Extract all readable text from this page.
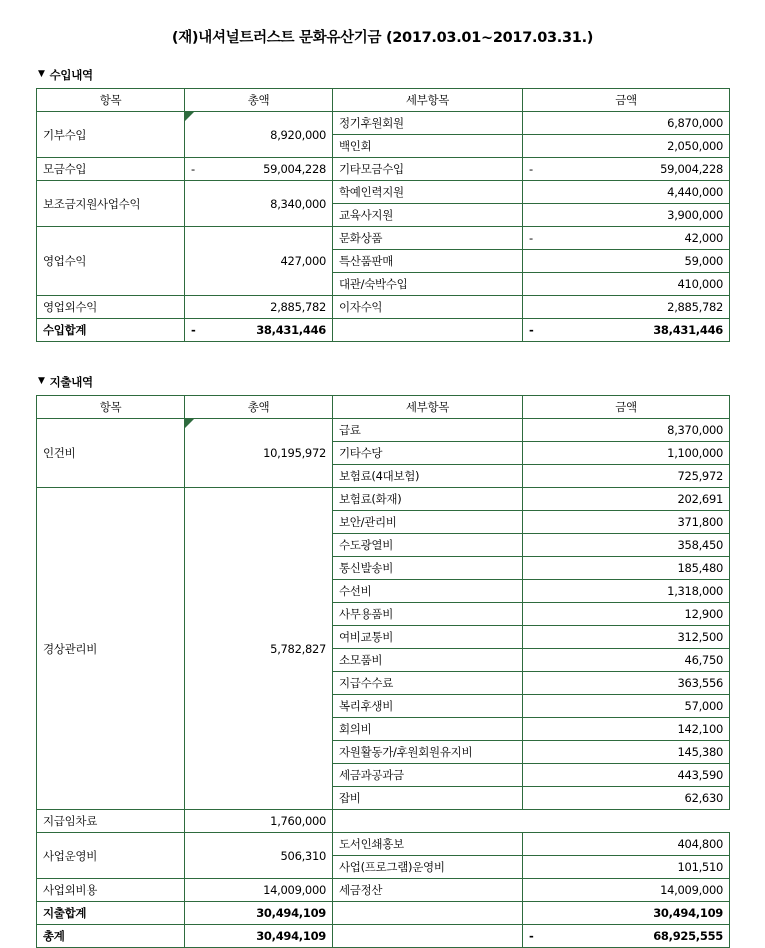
(재)내셔널트러스트 문화유산기금 (2017.03.01~2017.03.31.)
▼ 수입내역
항목	총액	세부항목	금액
기부수입	8,920,000	정기후원회원	6,870,000
		백인회	2,050,000
모금수입	- 59,004,228	기타모금수입	- 59,004,228
보조금지원사업수익	8,340,000	학예인력지원	4,440,000
		교육사지원	3,900,000
영업수익	427,000	문화상품	- 42,000
		특산품판매	59,000
		대관/숙박수입	410,000
영업외수익	2,885,782	이자수익	2,885,782
수입합계	- 38,431,446		- 38,431,446
▼ 지출내역
항목	총액	세부항목	금액
인건비	10,195,972	급료	8,370,000
		기타수당	1,100,000
		보험료(4대보험)	725,972
경상관리비	5,782,827	보험료(화재)	202,691
		보안/관리비	371,800
		수도광열비	358,450
		통신발송비	185,480
		수선비	1,318,000
		사무용품비	12,900
		여비교통비	312,500
		소모품비	46,750
		지급수수료	363,556
		복리후생비	57,000
		회의비	142,100
		자원활동가/후원회원유지비	145,380
		세금과공과금	443,590
		잡비	62,630
지급임차료	1,760,000		
사업운영비	506,310	도서인쇄홍보	404,800
		사업(프로그램)운영비	101,510
사업외비용	14,009,000	세금정산	14,009,000
지출합계	30,494,109		30,494,109
총계	30,494,109		- 68,925,555
